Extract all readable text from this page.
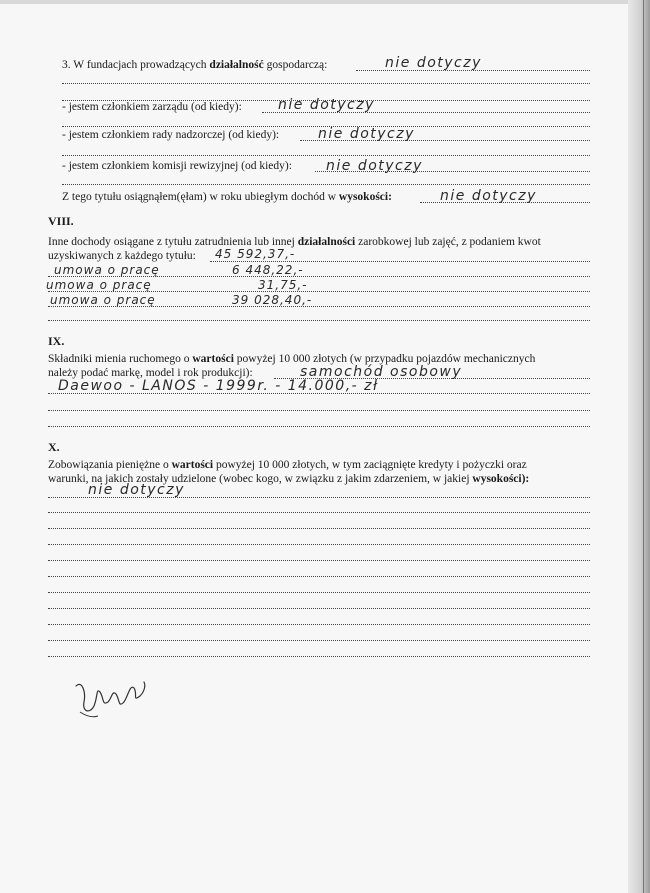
3. W fundacjach prowadzących działalność gospodarczą:	nie dotyczy
- jestem członkiem zarządu (od kiedy):	nie dotyczy
- jestem członkiem rady nadzorczej (od kiedy):	nie dotyczy
- jestem członkiem komisji rewizyjnej (od kiedy): nie dotyczy
Z tego tytułu osiągnąłem(ęłam) w roku ubiegłym dochód w wysokości:	nie dotyczy
VIII.
Inne dochody osiągane z tytułu zatrudnienia lub innej działalności zarobkowej lub zajęć, z podaniem kwot
uzyskiwanych z każdego tytułu: 45 592,37,-
umowa o pracę	6 448,22,-
umowa o pracę	31,75,-
umowa o pracę	39 028,40,-
IX.
Składniki mienia ruchomego o wartości powyżej 10 000 złotych (w przypadku pojazdów mechanicznych
należy podać markę, model i rok produkcji):	samochód osobowy
Daewoo - LANOS - 1999r. - 14.000,- zł
X.
Zobowiązania pieniężne o wartości powyżej 10 000 złotych, w tym zaciągnięte kredyty i pożyczki oraz
warunki, na jakich zostały udzielone (wobec kogo, w związku z jakim zdarzeniem, w jakiej wysokości):
nie dotyczy
